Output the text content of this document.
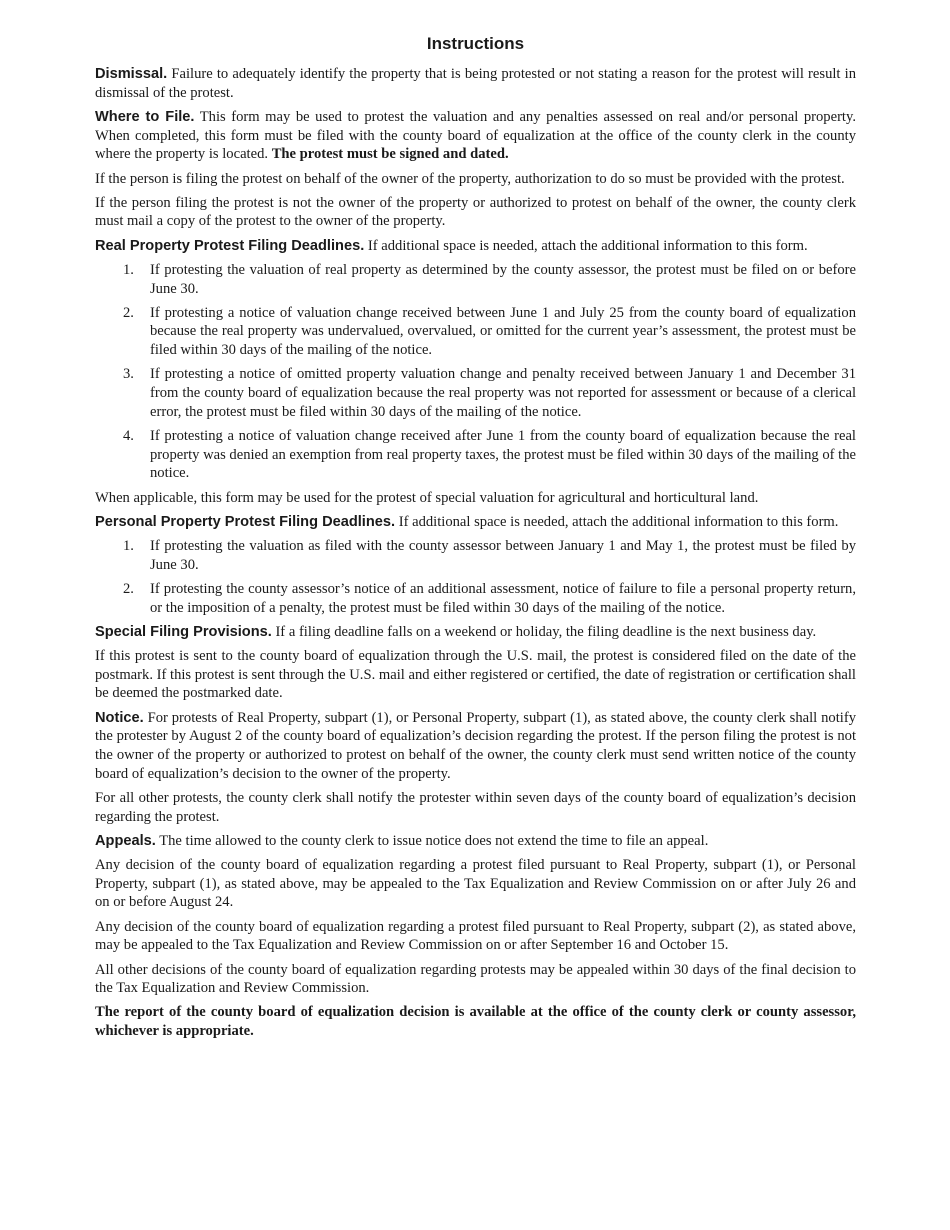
Instructions

Dismissal. Failure to adequately identify the property that is being protested or not stating a reason for the protest will result in dismissal of the protest.

Where to File. This form may be used to protest the valuation and any penalties assessed on real and/or personal property. When completed, this form must be filed with the county board of equalization at the office of the county clerk in the county where the property is located. The protest must be signed and dated.

If the person is filing the protest on behalf of the owner of the property, authorization to do so must be provided with the protest.

If the person filing the protest is not the owner of the property or authorized to protest on behalf of the owner, the county clerk must mail a copy of the protest to the owner of the property.

Real Property Protest Filing Deadlines. If additional space is needed, attach the additional information to this form.

1. If protesting the valuation of real property as determined by the county assessor, the protest must be filed on or before June 30.
2. If protesting a notice of valuation change received between June 1 and July 25 from the county board of equalization because the real property was undervalued, overvalued, or omitted for the current year’s assessment, the protest must be filed within 30 days of the mailing of the notice.
3. If protesting a notice of omitted property valuation change and penalty received between January 1 and December 31 from the county board of equalization because the real property was not reported for assessment or because of a clerical error, the protest must be filed within 30 days of the mailing of the notice.
4. If protesting a notice of valuation change received after June 1 from the county board of equalization because the real property was denied an exemption from real property taxes, the protest must be filed within 30 days of the mailing of the notice.

When applicable, this form may be used for the protest of special valuation for agricultural and horticultural land.

Personal Property Protest Filing Deadlines. If additional space is needed, attach the additional information to this form.

1. If protesting the valuation as filed with the county assessor between January 1 and May 1, the protest must be filed by June 30.
2. If protesting the county assessor’s notice of an additional assessment, notice of failure to file a personal property return, or the imposition of a penalty, the protest must be filed within 30 days of the mailing of the notice.

Special Filing Provisions. If a filing deadline falls on a weekend or holiday, the filing deadline is the next business day.

If this protest is sent to the county board of equalization through the U.S. mail, the protest is considered filed on the date of the postmark. If this protest is sent through the U.S. mail and either registered or certified, the date of registration or certification shall be deemed the postmarked date.

Notice. For protests of Real Property, subpart (1), or Personal Property, subpart (1), as stated above, the county clerk shall notify the protester by August 2 of the county board of equalization’s decision regarding the protest. If the person filing the protest is not the owner of the property or authorized to protest on behalf of the owner, the county clerk must send written notice of the county board of equalization’s decision to the owner of the property.

For all other protests, the county clerk shall notify the protester within seven days of the county board of equalization’s decision regarding the protest.

Appeals. The time allowed to the county clerk to issue notice does not extend the time to file an appeal.

Any decision of the county board of equalization regarding a protest filed pursuant to Real Property, subpart (1), or Personal Property, subpart (1), as stated above, may be appealed to the Tax Equalization and Review Commission on or after July 26 and on or before August 24.

Any decision of the county board of equalization regarding a protest filed pursuant to Real Property, subpart (2), as stated above, may be appealed to the Tax Equalization and Review Commission on or after September 16 and October 15.

All other decisions of the county board of equalization regarding protests may be appealed within 30 days of the final decision to the Tax Equalization and Review Commission.

The report of the county board of equalization decision is available at the office of the county clerk or county assessor, whichever is appropriate.
